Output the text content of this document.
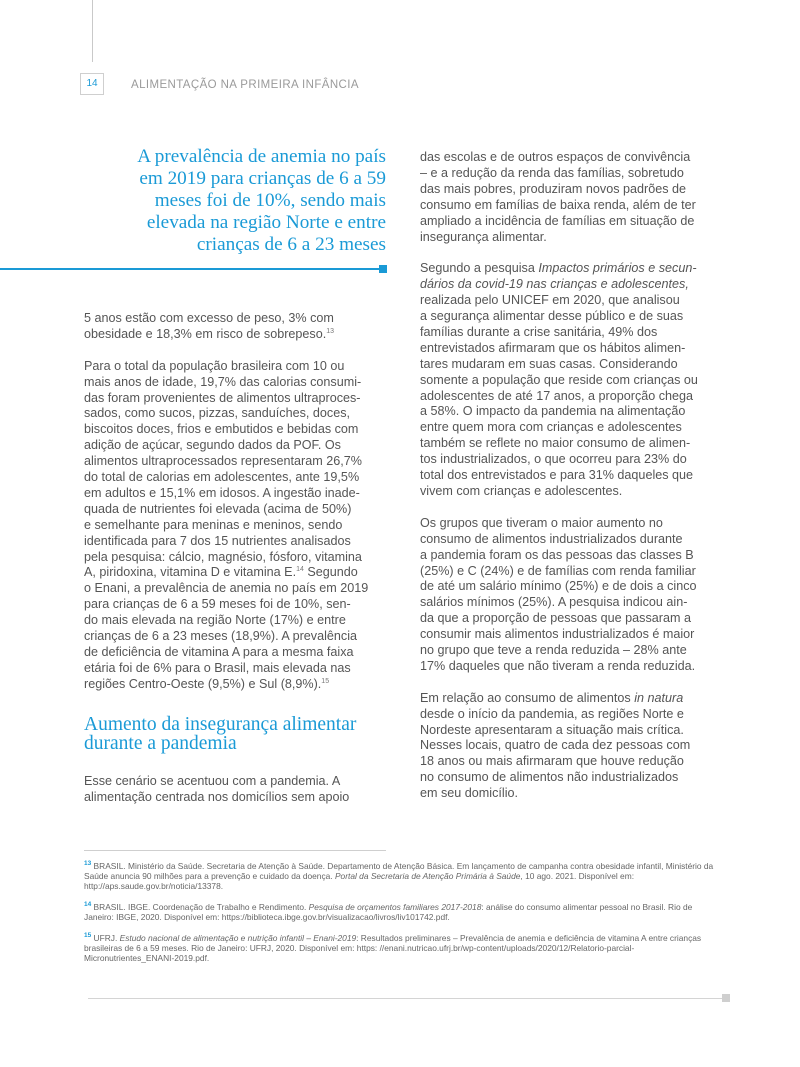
14	ALIMENTAÇÃO NA PRIMEIRA INFÂNCIA
A prevalência de anemia no país
em 2019 para crianças de 6 a 59
meses foi de 10%, sendo mais
elevada na região Norte e entre
crianças de 6 a 23 meses

5 anos estão com excesso de peso, 3% com
obesidade e 18,3% em risco de sobrepeso.$^{13}$

Para o total da população brasileira com 10 ou
mais anos de idade, 19,7% das calorias consumi-
das foram provenientes de alimentos ultraproces-
sados, como sucos, pizzas, sanduíches, doces,
biscoitos doces, frios e embutidos e bebidas com
adição de açúcar, segundo dados da POF. Os
alimentos ultraprocessados representaram 26,7%
do total de calorias em adolescentes, ante 19,5%
em adultos e 15,1% em idosos. A ingestão inade-
quada de nutrientes foi elevada (acima de 50%)
e semelhante para meninas e meninos, sendo
identificada para 7 dos 15 nutrientes analisados
pela pesquisa: cálcio, magnésio, fósforo, vitamina
A, piridoxina, vitamina D e vitamina E.$^{14}$ Segundo
o Enani, a prevalência de anemia no país em 2019
para crianças de 6 a 59 meses foi de 10%, sen-
do mais elevada na região Norte (17%) e entre
crianças de 6 a 23 meses (18,9%). A prevalência
de deficiência de vitamina A para a mesma faixa
etária foi de 6% para o Brasil, mais elevada nas
regiões Centro-Oeste (9,5%) e Sul (8,9%).$^{15}$

Aumento da insegurança alimentar
durante a pandemia

Esse cenário se acentuou com a pandemia. A
alimentação centrada nos domicílios sem apoio

das escolas e de outros espaços de convivência
– e a redução da renda das famílias, sobretudo
das mais pobres, produziram novos padrões de
consumo em famílias de baixa renda, além de ter
ampliado a incidência de famílias em situação de
insegurança alimentar.

Segundo a pesquisa Impactos primários e secun-
dários da covid-19 nas crianças e adolescentes,
realizada pelo UNICEF em 2020, que analisou
a segurança alimentar desse público e de suas
famílias durante a crise sanitária, 49% dos
entrevistados afirmaram que os hábitos alimen-
tares mudaram em suas casas. Considerando
somente a população que reside com crianças ou
adolescentes de até 17 anos, a proporção chega
a 58%. O impacto da pandemia na alimentação
entre quem mora com crianças e adolescentes
também se reflete no maior consumo de alimen-
tos industrializados, o que ocorreu para 23% do
total dos entrevistados e para 31% daqueles que
vivem com crianças e adolescentes.

Os grupos que tiveram o maior aumento no
consumo de alimentos industrializados durante
a pandemia foram os das pessoas das classes B
(25%) e C (24%) e de famílias com renda familiar
de até um salário mínimo (25%) e de dois a cinco
salários mínimos (25%). A pesquisa indicou ain-
da que a proporção de pessoas que passaram a
consumir mais alimentos industrializados é maior
no grupo que teve a renda reduzida – 28% ante
17% daqueles que não tiveram a renda reduzida.

Em relação ao consumo de alimentos in natura
desde o início da pandemia, as regiões Norte e
Nordeste apresentaram a situação mais crítica.
Nesses locais, quatro de cada dez pessoas com
18 anos ou mais afirmaram que houve redução
no consumo de alimentos não industrializados
em seu domicílio.

$^{13}$ BRASIL. Ministério da Saúde. Secretaria de Atenção à Saúde. Departamento de Atenção Básica. Em lançamento de campanha contra obesidade infantil, Ministério da Saúde anuncia 90 milhões para a prevenção e cuidado da doença. Portal da Secretaria de Atenção Primária à Saúde, 10 ago. 2021. Disponível em: http://aps.saude.gov.br/noticia/13378.

$^{14}$ BRASIL. IBGE. Coordenação de Trabalho e Rendimento. Pesquisa de orçamentos familiares 2017-2018: análise do consumo alimentar pessoal no Brasil. Rio de Janeiro: IBGE, 2020. Disponível em: https://biblioteca.ibge.gov.br/visualizacao/livros/liv101742.pdf.

$^{15}$ UFRJ. Estudo nacional de alimentação e nutrição infantil – Enani-2019: Resultados preliminares – Prevalência de anemia e deficiência de vitamina A entre crianças brasileiras de 6 a 59 meses. Rio de Janeiro: UFRJ, 2020. Disponível em: https: //enani.nutricao.ufrj.br/wp-content/uploads/2020/12/Relatorio-parcial-Micronutrientes_ENANI-2019.pdf.
